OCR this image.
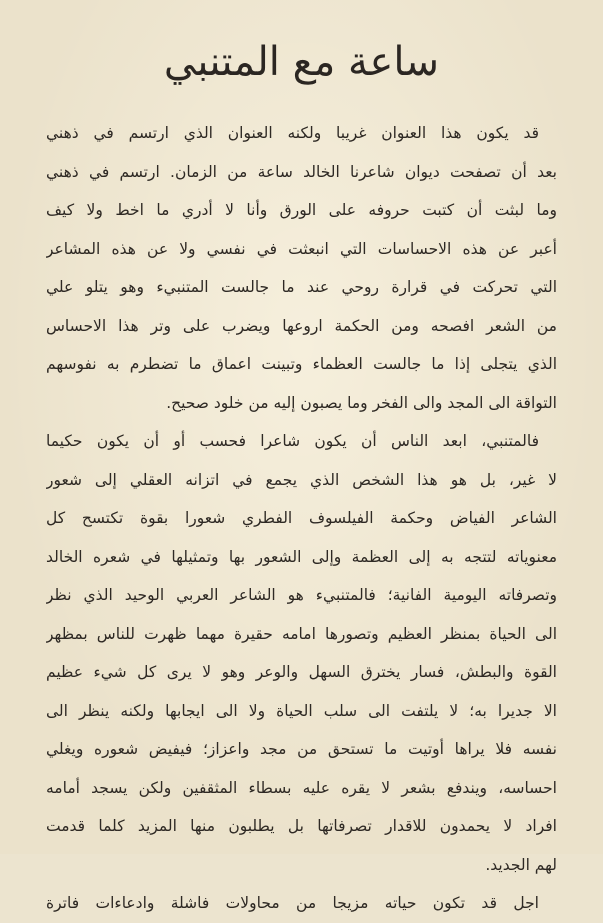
ساعة مع المتنبي
قد يكون هذا العنوان غريبا ولكنه العنوان الذي ارتسم في ذهني
بعد أن تصفحت ديوان شاعرنا الخالد ساعة من الزمان. ارتسم في ذهني
وما لبثت أن كتبت حروفه على الورق وأنا لا أدري ما اخط ولا كيف
أعبر عن هذه الاحساسات التي انبعثت في نفسي ولا عن هذه المشاعر
التي تحركت في قرارة روحي عند ما جالست المتنبيء وهو يتلو علي
من الشعر افصحه ومن الحكمة اروعها ويضرب على وتر هذا الاحساس
الذي يتجلى إذا ما جالست العظماء وتبينت اعماق ما تضطرم به نفوسهم
التواقة الى المجد والى الفخر وما يصبون إليه من خلود صحيح.
فالمتنبي، ابعد الناس أن يكون شاعرا فحسب أو أن يكون حكيما
لا غير، بل هو هذا الشخص الذي يجمع في اتزانه العقلي إلى شعور
الشاعر الفياض وحكمة الفيلسوف الفطري شعورا بقوة تكتسح كل
معنوياته لتتجه به إلى العظمة وإلى الشعور بها وتمثيلها في شعره الخالد
وتصرفاته اليومية الفانية؛ فالمتنبيء هو الشاعر العربي الوحيد الذي نظر
الى الحياة بمنظر العظيم وتصورها امامه حقيرة مهما ظهرت للناس بمظهر
القوة والبطش، فسار يخترق السهل والوعر وهو لا يرى كل شيء عظيم
الا جديرا به؛ لا يلتفت الى سلب الحياة ولا الى ايجابها ولكنه ينظر الى
نفسه فلا يراها أوتيت ما تستحق من مجد واعزاز؛ فيفيض شعوره ويغلي
احساسه، ويندفع بشعر لا يقره عليه بسطاء المثقفين ولكن يسجد أمامه
افراد لا يحمدون للاقدار تصرفاتها بل يطلبون منها المزيد كلما قدمت
لهم الجديد.
اجل قد تكون حياته مزيجا من محاولات فاشلة وادعاءات فاترة
